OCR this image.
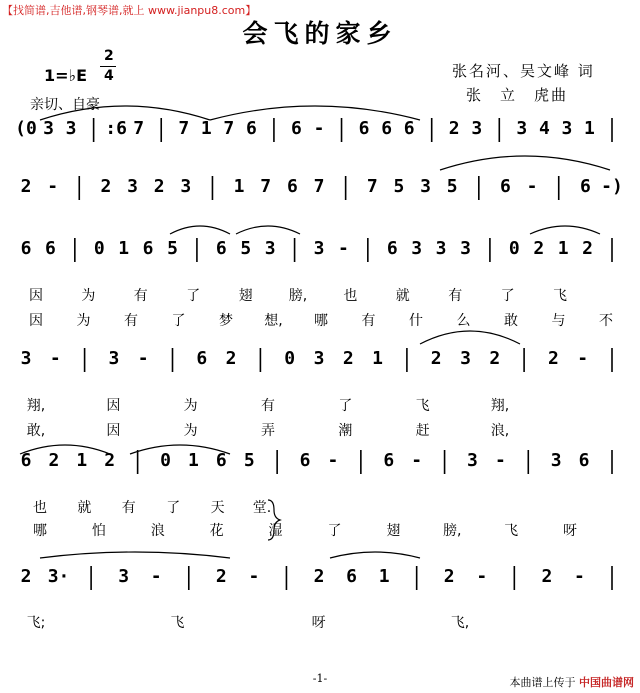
【找简谱,吉他谱,钢琴谱,就上 www.jianpu8.com】
会飞的家乡
张名河、吴文峰 词
张　立　虎曲
1=♭E
2
4
亲切、自豪
(0 3 3 :6 7 7 1 7 6 6 - 6 6 6 2 3 3 4 3 1
2 - 2 3 2 3 1 7 6 7 7 5 3 5 6 - 6 -)
6 6 0 1 6 5 6 5 3 3 - 6 3 3 3 0 2 1 2
3 -	3 -	6 2	0 3 2 1	2 3 2	2 -
6 2 1 2 0 1 6 5 6 - 6 - 3 - 3 6
2 3·	3 -	2 -	2 6 1	2 -	2 -
因	为	有	了	翅	膀,	也	就	有	了	飞
因 为 有 了 梦 想, 哪 有 什 么 敢 与 不
翔,	因	为	有	了	飞	翔,
敢,	因	为	弄	潮	赶	浪,
也 就 有 了 天 堂.
哪	怕	浪	花	湿	了	翅	膀,	飞	呀
飞;	飞	呀	飞,
-1-	本曲谱上传于 中国曲谱网
